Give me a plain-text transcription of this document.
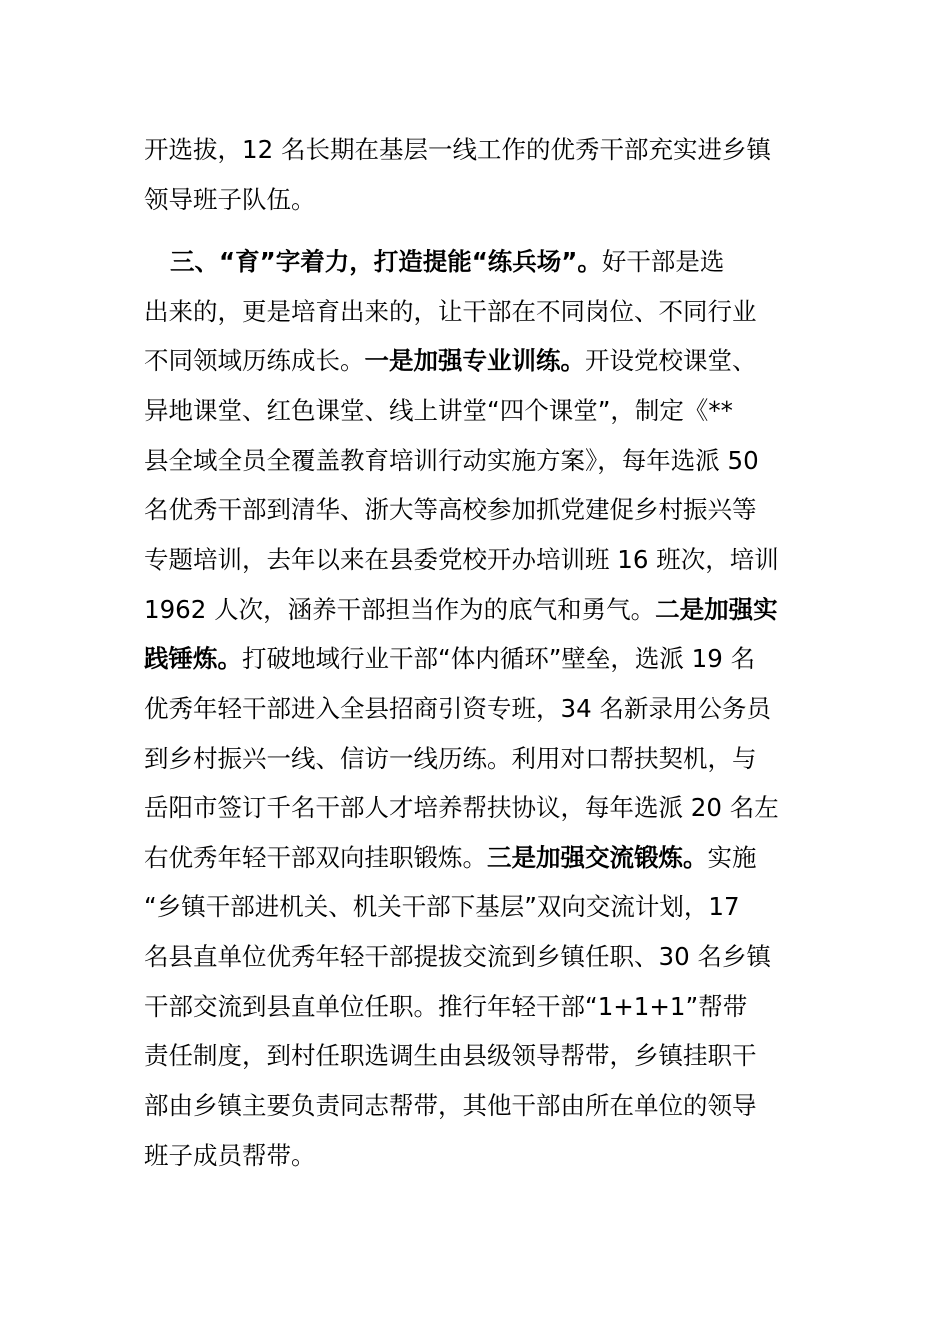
开选拔，12 名长期在基层一线工作的优秀干部充实进乡镇
领导班子队伍。
三、“育”字着力，打造提能“练兵场”。好干部是选
出来的，更是培育出来的，让干部在不同岗位、不同行业
不同领域历练成长。一是加强专业训练。开设党校课堂、
异地课堂、红色课堂、线上讲堂“四个课堂”，制定《**
县全域全员全覆盖教育培训行动实施方案》，每年选派 50
名优秀干部到清华、浙大等高校参加抓党建促乡村振兴等
专题培训，去年以来在县委党校开办培训班 16 班次，培训
1962 人次，涵养干部担当作为的底气和勇气。二是加强实
践锤炼。打破地域行业干部“体内循环”壁垒，选派 19 名
优秀年轻干部进入全县招商引资专班，34 名新录用公务员
到乡村振兴一线、信访一线历练。利用对口帮扶契机，与
岳阳市签订千名干部人才培养帮扶协议，每年选派 20 名左
右优秀年轻干部双向挂职锻炼。三是加强交流锻炼。实施
“乡镇干部进机关、机关干部下基层”双向交流计划，17
名县直单位优秀年轻干部提拔交流到乡镇任职、30 名乡镇
干部交流到县直单位任职。推行年轻干部“1+1+1”帮带
责任制度，到村任职选调生由县级领导帮带，乡镇挂职干
部由乡镇主要负责同志帮带，其他干部由所在单位的领导
班子成员帮带。
